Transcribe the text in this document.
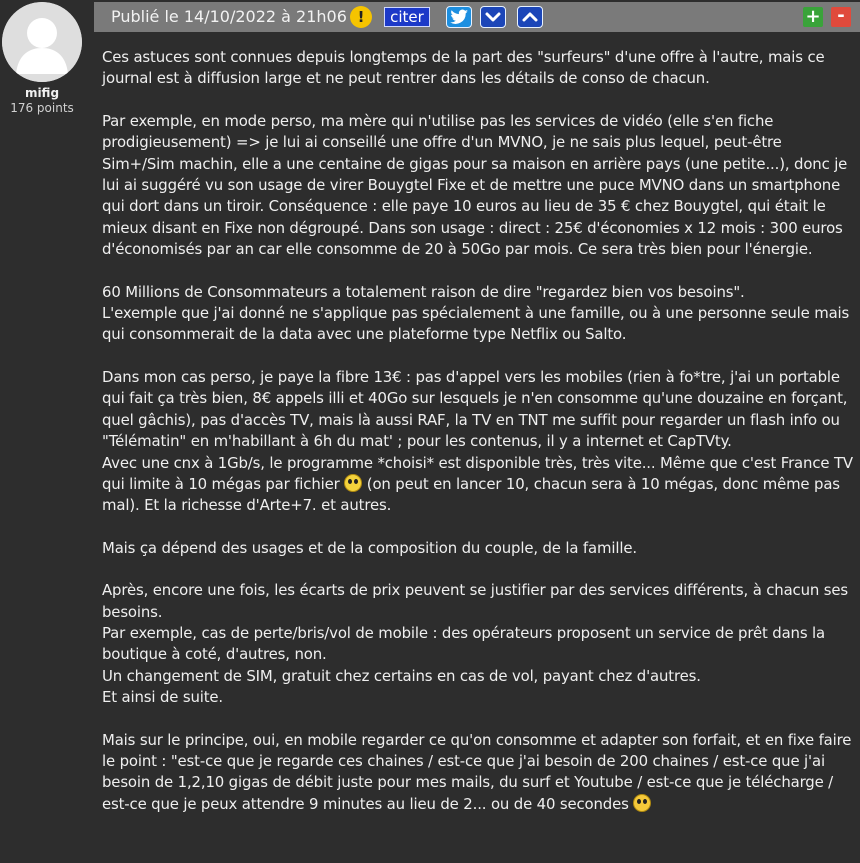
mifig
176 points
Publié le 14/10/2022 à 21h06 !	citer	+ -

Ces astuces sont connues depuis longtemps de la part des "surfeurs" d'une offre à l'autre, mais ce journal est à diffusion large et ne peut rentrer dans les détails de conso de chacun.

Par exemple, en mode perso, ma mère qui n'utilise pas les services de vidéo (elle s'en fiche prodigieusement) => je lui ai conseillé une offre d'un MVNO, je ne sais plus lequel, peut-être Sim+/Sim machin, elle a une centaine de gigas pour sa maison en arrière pays (une petite...), donc je lui ai suggéré vu son usage de virer Bouygtel Fixe et de mettre une puce MVNO dans un smartphone qui dort dans un tiroir. Conséquence : elle paye 10 euros au lieu de 35 € chez Bouygtel, qui était le mieux disant en Fixe non dégroupé. Dans son usage : direct : 25€ d'économies x 12 mois : 300 euros d'économisés par an car elle consomme de 20 à 50Go par mois. Ce sera très bien pour l'énergie.

60 Millions de Consommateurs a totalement raison de dire "regardez bien vos besoins".
L'exemple que j'ai donné ne s'applique pas spécialement à une famille, ou à une personne seule mais qui consommerait de la data avec une plateforme type Netflix ou Salto.

Dans mon cas perso, je paye la fibre 13€ : pas d'appel vers les mobiles (rien à fo*tre, j'ai un portable qui fait ça très bien, 8€ appels illi et 40Go sur lesquels je n'en consomme qu'une douzaine en forçant, quel gâchis), pas d'accès TV, mais là aussi RAF, la TV en TNT me suffit pour regarder un flash info ou "Télématin" en m'habillant à 6h du mat' ; pour les contenus, il y a internet et CapTVty.
Avec une cnx à 1Gb/s, le programme *choisi* est disponible très, très vite... Même que c'est France TV qui limite à 10 mégas par fichier (on peut en lancer 10, chacun sera à 10 mégas, donc même pas mal). Et la richesse d'Arte+7. et autres.

Mais ça dépend des usages et de la composition du couple, de la famille.

Après, encore une fois, les écarts de prix peuvent se justifier par des services différents, à chacun ses besoins.
Par exemple, cas de perte/bris/vol de mobile : des opérateurs proposent un service de prêt dans la boutique à coté, d'autres, non.
Un changement de SIM, gratuit chez certains en cas de vol, payant chez d'autres.
Et ainsi de suite.

Mais sur le principe, oui, en mobile regarder ce qu'on consomme et adapter son forfait, et en fixe faire le point : "est-ce que je regarde ces chaines / est-ce que j'ai besoin de 200 chaines / est-ce que j'ai besoin de 1,2,10 gigas de débit juste pour mes mails, du surf et Youtube / est-ce que je télécharge / est-ce que je peux attendre 9 minutes au lieu de 2... ou de 40 secondes
